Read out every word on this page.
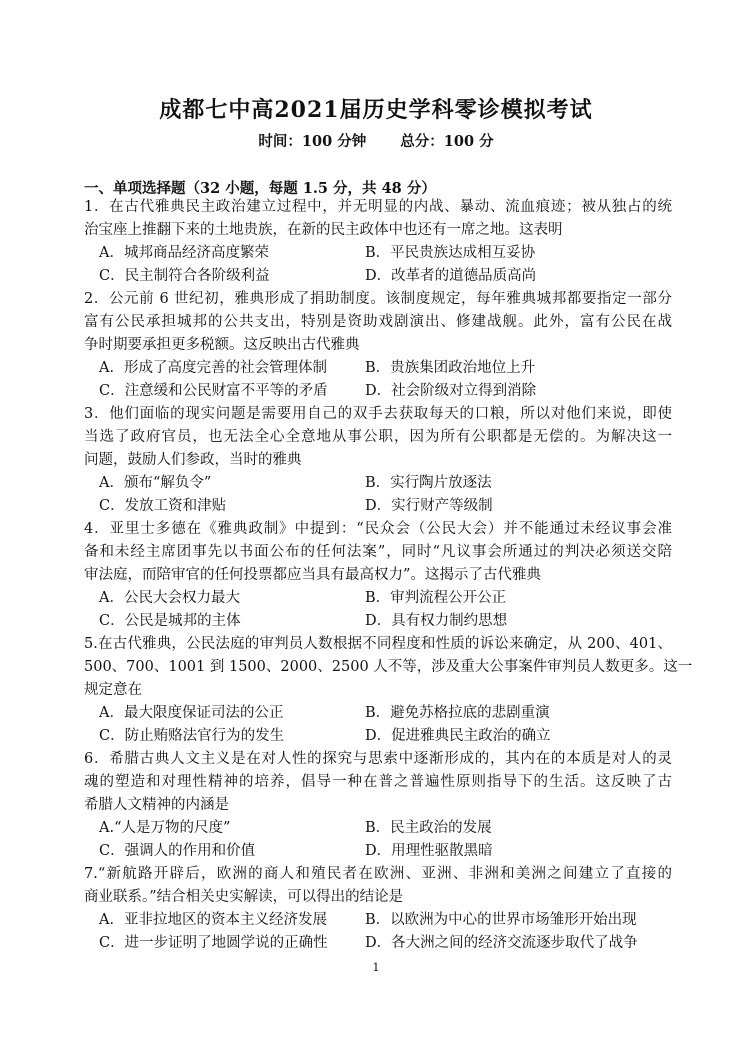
成都七中高2021届历史学科零诊模拟考试
时间：100 分钟　　 总分：100 分
一、单项选择题（32 小题，每题 1.5 分，共 48 分）
1．在古代雅典民主政治建立过程中，并无明显的内战、暴动、流血痕迹；被从独占的统
治宝座上推翻下来的土地贵族，在新的民主政体中也还有一席之地。这表明
A．城邦商品经济高度繁荣	B．平民贵族达成相互妥协
C．民主制符合各阶级利益	D．改革者的道德品质高尚
2．公元前 6 世纪初，雅典形成了捐助制度。该制度规定，每年雅典城邦都要指定一部分
富有公民承担城邦的公共支出，特别是资助戏剧演出、修建战舰。此外，富有公民在战
争时期要承担更多税额。这反映出古代雅典
A．形成了高度完善的社会管理体制	B．贵族集团政治地位上升
C．注意缓和公民财富不平等的矛盾	D．社会阶级对立得到消除
3．他们面临的现实问题是需要用自己的双手去获取每天的口粮，所以对他们来说，即使
当选了政府官员，也无法全心全意地从事公职，因为所有公职都是无偿的。为解决这一
问题，鼓励人们参政，当时的雅典
A．颁布“解负令”	B．实行陶片放逐法
C．发放工资和津贴	D．实行财产等级制
4．亚里士多德在《雅典政制》中提到：“民众会（公民大会）并不能通过未经议事会准
备和未经主席团事先以书面公布的任何法案”，同时“凡议事会所通过的判决必须送交陪
审法庭，而陪审官的任何投票都应当具有最高权力”。这揭示了古代雅典
A．公民大会权力最大	B．审判流程公开公正
C．公民是城邦的主体	D．具有权力制约思想
5.在古代雅典，公民法庭的审判员人数根据不同程度和性质的诉讼来确定，从 200、401、
500、700、1001 到 1500、2000、2500 人不等，涉及重大公事案件审判员人数更多。这一
规定意在
A．最大限度保证司法的公正	B．避免苏格拉底的悲剧重演
C．防止贿赂法官行为的发生	D．促进雅典民主政治的确立
6．希腊古典人文主义是在对人性的探究与思索中逐渐形成的，其内在的本质是对人的灵
魂的塑造和对理性精神的培养，倡导一种在普之普遍性原则指导下的生活。这反映了古
希腊人文精神的内涵是
A.“人是万物的尺度”	B．民主政治的发展
C．强调人的作用和价值	D．用理性驱散黑暗
7.“新航路开辟后，欧洲的商人和殖民者在欧洲、亚洲、非洲和美洲之间建立了直接的
商业联系。”结合相关史实解读，可以得出的结论是
A．亚非拉地区的资本主义经济发展	B．以欧洲为中心的世界市场雏形开始出现
C．进一步证明了地圆学说的正确性	D．各大洲之间的经济交流逐步取代了战争
1
